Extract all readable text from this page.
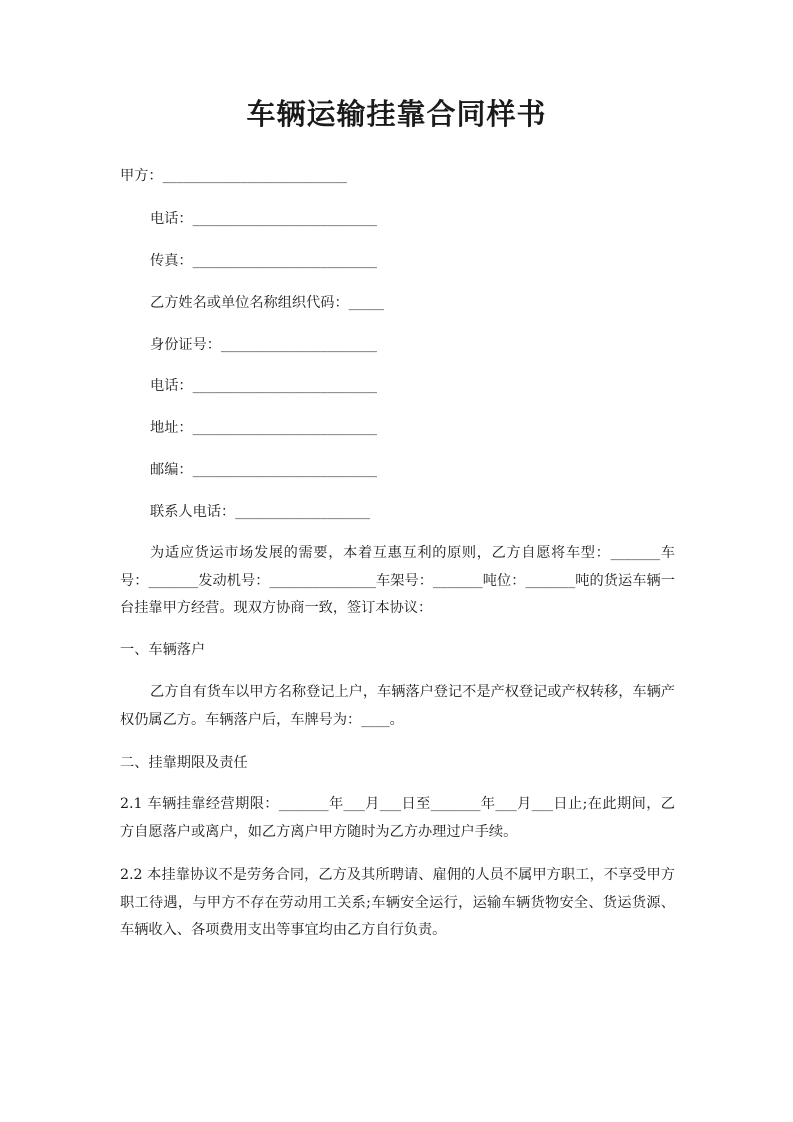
车辆运输挂靠合同样书
甲方：__________________________
电话：__________________________
传真：__________________________
乙方姓名或单位名称组织代码：_____
身份证号：______________________
电话：__________________________
地址：__________________________
邮编：__________________________
联系人电话：___________________
为适应货运市场发展的需要，本着互惠互利的原则，乙方自愿将车型：_______车号：_______发动机号：_______________车架号：_______吨位：_______吨的货运车辆一台挂靠甲方经营。现双方协商一致，签订本协议：
一、车辆落户
乙方自有货车以甲方名称登记上户，车辆落户登记不是产权登记或产权转移，车辆产权仍属乙方。车辆落户后，车牌号为：____。
二、挂靠期限及责任
2.1 车辆挂靠经营期限：_______年___月___日至_______年___月___日止;在此期间，乙方自愿落户或离户，如乙方离户甲方随时为乙方办理过户手续。
2.2 本挂靠协议不是劳务合同，乙方及其所聘请、雇佣的人员不属甲方职工，不享受甲方职工待遇，与甲方不存在劳动用工关系;车辆安全运行，运输车辆货物安全、货运货源、车辆收入、各项费用支出等事宜均由乙方自行负责。
